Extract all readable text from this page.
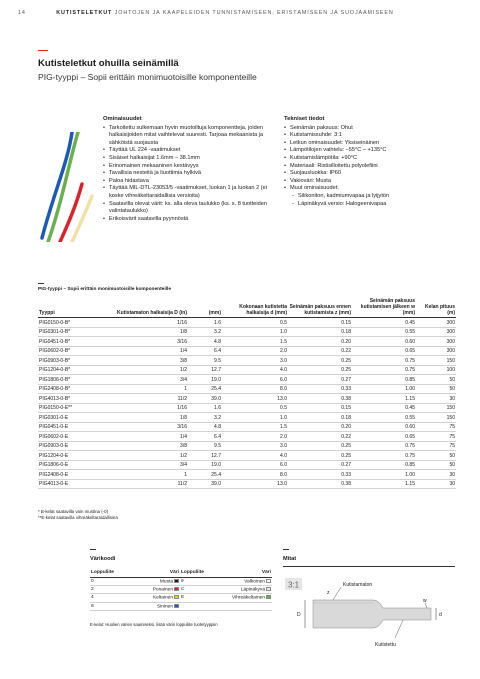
14	KUTISTELETKUT JOHTOJEN JA KAAPELEIDEN TUNNISTAMISEEN, ERISTÄMISEEN JA SUOJAAMISEEN
Kutisteletkut ohuilla seinämillä
PIG-tyyppi – Sopii erittäin monimuotoisille komponenteille
Ominaisuudet
• Tarkoitettu sulkemaan hyvin muotoiltuja komponentteja, joiden halkaisijoiden mitat vaihtelevat suuresti. Tarjoaa mekaanista ja sähköistä suojausta
• Täyttää UL 224 -vaatimukset
• Sisäiset halkaisijat 1.6mm – 38.1mm
• Erinomainen mekaaninen kestävyys
• Tavallisia nesteitä ja liuottimia hylkivä
• Paloa hidastava
• Täyttää MIL-DTL-23053/5 -vaatimukset, luokan 1 ja luokan 2 (ei koske vihreäkeltaraidallisia versioita)
• Saatavilla olevat värit: ks. alla oleva taulukko (ks. s. 8 tuotteiden valintataulukko)
• Erikoisvärit saatavilla pyynnöstä
Tekniset tiedot
• Seinämän paksuus: Ohut
• Kutistamissuhde: 3:1
• Letkun ominaisuudet: Yksiseinäinen
• Lämpötilojen vaihtelu: –55°C – +135°C
• Kutistamislämpötila: +90°C
• Materiaali: Ristisilloitettu polyolefiini
• Suojausluokka: IP60
• Vakioväri: Musta
• Muut ominaisuudet:
- Silikoniton, kadmiumvapaa ja lyijytön
- Läpinäkyvä versio: Halogeenivapaa
PIG-tyyppi – Sopii erittäin monimuotoisille komponenteille
Tyyppi	Kutistamaton halkaisija D (in)	(mm)	Kokonaan kutistetta halkaisija d (mm)	Seinämän paksuus ennen kutistamista z (mm)	Seinämän paksuus kutistamisen jälkeen w (mm)	Kelan pituus (m)
PIG0150-0-B*	1/16	1.6	0.5	0.15	0.45	300
PIG0301-0-B*	1/8	3.2	1.0	0.18	0.55	300
PIG0451-0-B*	3/16	4.8	1.5	0.20	0.60	300
PIG0602-0-B*	1/4	6.4	2.0	0.22	0.65	300
PIG0903-0-B*	3/8	9.5	3.0	0.25	0.75	150
PIG1204-0-B*	1/2	12.7	4.0	0.25	0.75	100
PIG1806-0-B*	3/4	19.0	6.0	0.27	0.85	50
PIG2408-0-B*	1	25.4	8.0	0.33	1.00	50
PIG4013-0-B*	11/2	39.0	13.0	0.38	1.15	30
PIG0150-0-E**	1/16	1.6	0.5	0.15	0.45	150
PIG0301-0-E	1/8	3.2	1.0	0.18	0.55	150
PIG0451-0-E	3/16	4.8	1.5	0.20	0.60	75
PIG0602-0-E	1/4	6.4	2.0	0.22	0.65	75
PIG0903-0-E	3/8	9.5	3.0	0.25	0.75	75
PIG1204-0-E	1/2	12.7	4.0	0.25	0.75	50
PIG1806-0-E	3/4	19.0	6.0	0.27	0.85	50
PIG2408-0-E	1	25.4	8.0	0.33	1.00	30
PIG4013-0-E	11/2	39.0	13.0	0.38	1.15	30
* B-kelat saatavilla vain mustina (-0)
**E-kelat saatavilla vihreäkeltaraidallisina
Värikoodi
Loppuliite	Väri	Loppuliite	Väri
0	Musta	9	Valkoinen
2	Punainen	C	Läpinäkyvä
4	Keltainen	E	Vihreäkeltainen
6	Sininen		
E-kelat: Huolien värien saamiseksi, lisää värin loppuliite tuotetyyppiin
Mitat
3:1	Kutistamaton
z
D	d
w
Kutistettu
